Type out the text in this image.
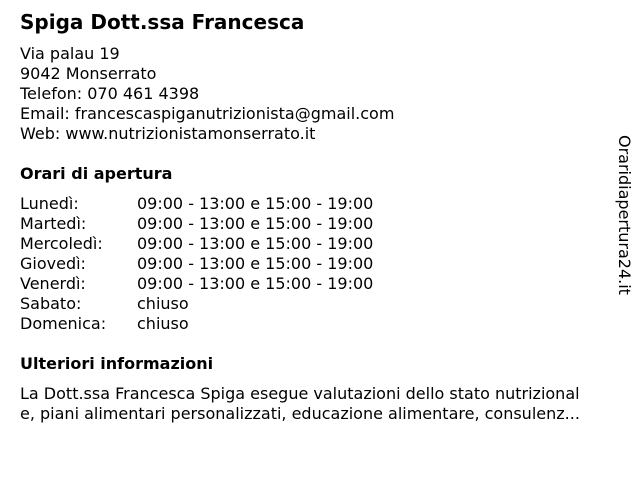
Spiga Dott.ssa Francesca
Via palau 19
9042 Monserrato
Telefon: 070 461 4398
Email: francescaspiganutrizionista@gmail.com
Web: www.nutrizionistamonserrato.it
Orari di apertura
Lunedì:	09:00 - 13:00 e 15:00 - 19:00
Martedì:	09:00 - 13:00 e 15:00 - 19:00
Mercoledì: 09:00 - 13:00 e 15:00 - 19:00
Giovedì:	09:00 - 13:00 e 15:00 - 19:00
Venerdì:	09:00 - 13:00 e 15:00 - 19:00
Sabato:	chiuso
Domenica: chiuso
Ulteriori informazioni
La Dott.ssa Francesca Spiga esegue valutazioni dello stato nutrizional
e, piani alimentari personalizzati, educazione alimentare, consulenz...
Oraridiapertura24.it
